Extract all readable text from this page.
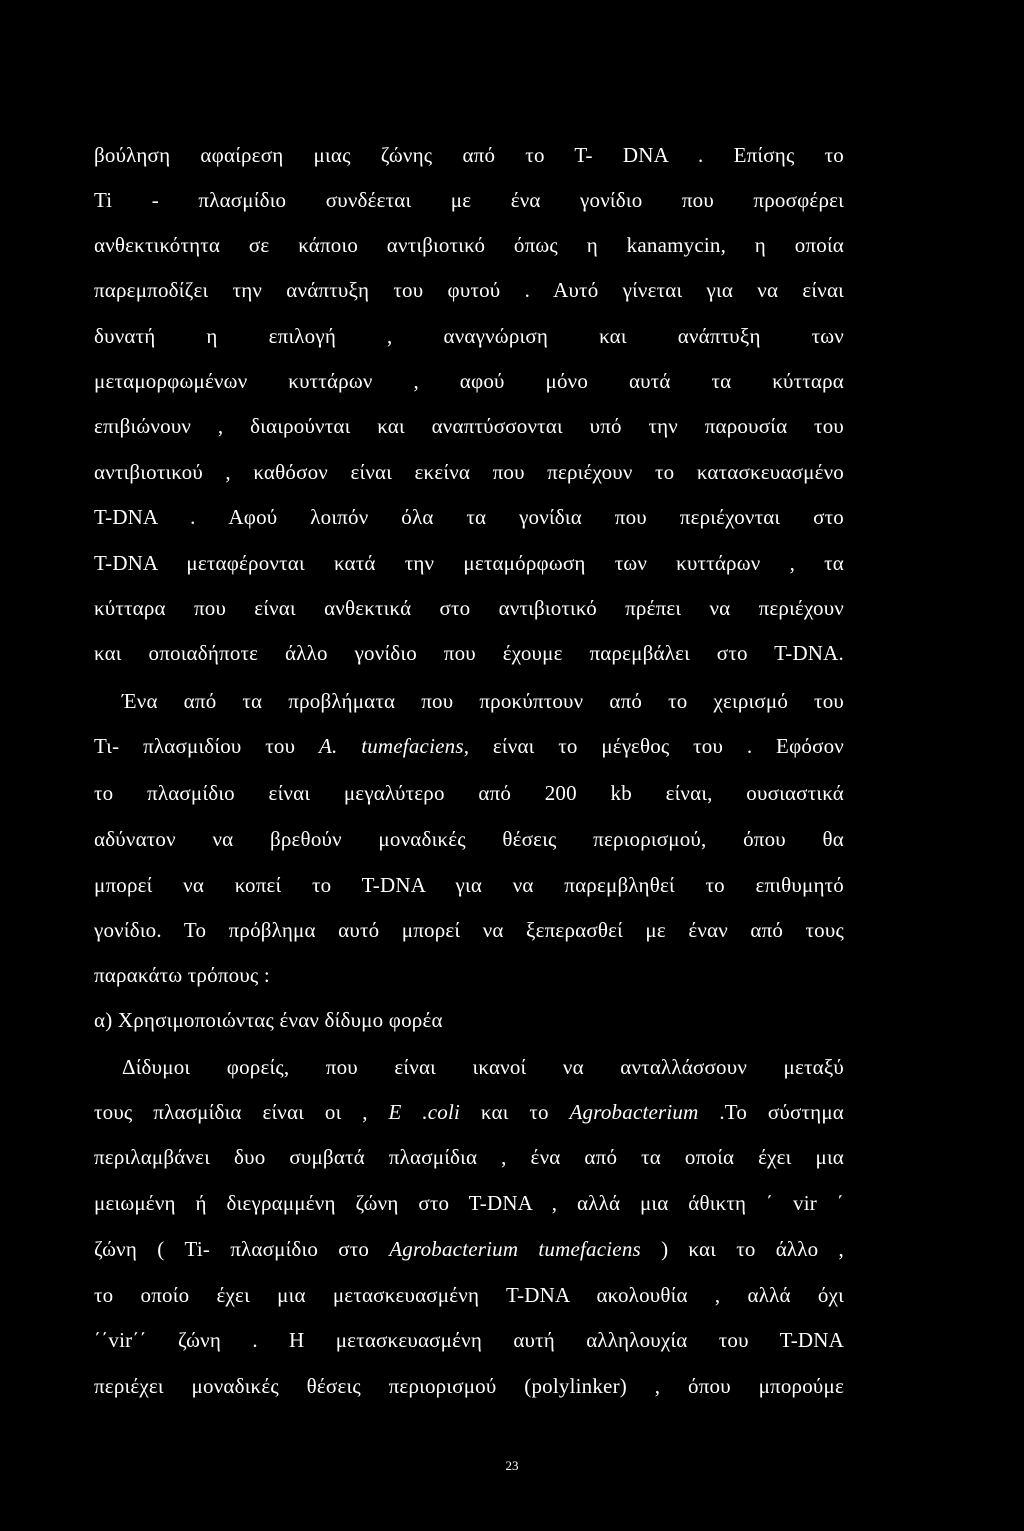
βούληση αφαίρεση μιας ζώνης από το Τ- DNA . Επίσης το
Ti - πλασμίδιο συνδέεται με ένα γονίδιο που προσφέρει
ανθεκτικότητα σε κάποιο αντιβιοτικό όπως η kanamycin, η οποία
παρεμποδίζει την ανάπτυξη του φυτού . Αυτό γίνεται για να είναι
δυνατή η επιλογή , αναγνώριση και ανάπτυξη των
μεταμορφωμένων κυττάρων , αφού μόνο αυτά τα κύτταρα
επιβιώνουν , διαιρούνται και αναπτύσσονται υπό την παρουσία του
αντιβιοτικού , καθόσον είναι εκείνα που περιέχουν το κατασκευασμένο
Τ-DNA . Αφού λοιπόν όλα τα γονίδια που περιέχονται στο
Τ-DNA μεταφέρονται κατά την μεταμόρφωση των κυττάρων , τα
κύτταρα που είναι ανθεκτικά στο αντιβιοτικό πρέπει να περιέχουν
και οποιαδήποτε άλλο γονίδιο που έχουμε παρεμβάλει στο Τ-DNA.
Ένα από τα προβλήματα που προκύπτουν από το χειρισμό του
Τι- πλασμιδίου του A. tumefaciens, είναι το μέγεθος του . Εφόσον
το πλασμίδιο είναι μεγαλύτερο από 200 kb είναι, ουσιαστικά
αδύνατον να βρεθούν μοναδικές θέσεις περιορισμού, όπου θα
μπορεί να κοπεί το Τ-DNA για να παρεμβληθεί το επιθυμητό
γονίδιο. Το πρόβλημα αυτό μπορεί να ξεπερασθεί με έναν από τους
παρακάτω τρόπους :
α) Χρησιμοποιώντας έναν δίδυμο φορέα
Δίδυμοι φορείς, που είναι ικανοί να ανταλλάσσουν μεταξύ
τους πλασμίδια είναι οι , E .coli και το Agrobacterium .Το σύστημα
περιλαμβάνει δυο συμβατά πλασμίδια , ένα από τα οποία έχει μια
μειωμένη ή διεγραμμένη ζώνη στο Τ-DNA , αλλά μια άθικτη ΄ vir ΄
ζώνη ( Ti- πλασμίδιο στο Agrobacterium tumefaciens ) και το άλλο ,
το οποίο έχει μια μετασκευασμένη Τ-DNA ακολουθία , αλλά όχι
΄΄vir΄΄ ζώνη . Η μετασκευασμένη αυτή αλληλουχία του Τ-DNA
περιέχει μοναδικές θέσεις περιορισμού (polylinker) , όπου μπορούμε
23
